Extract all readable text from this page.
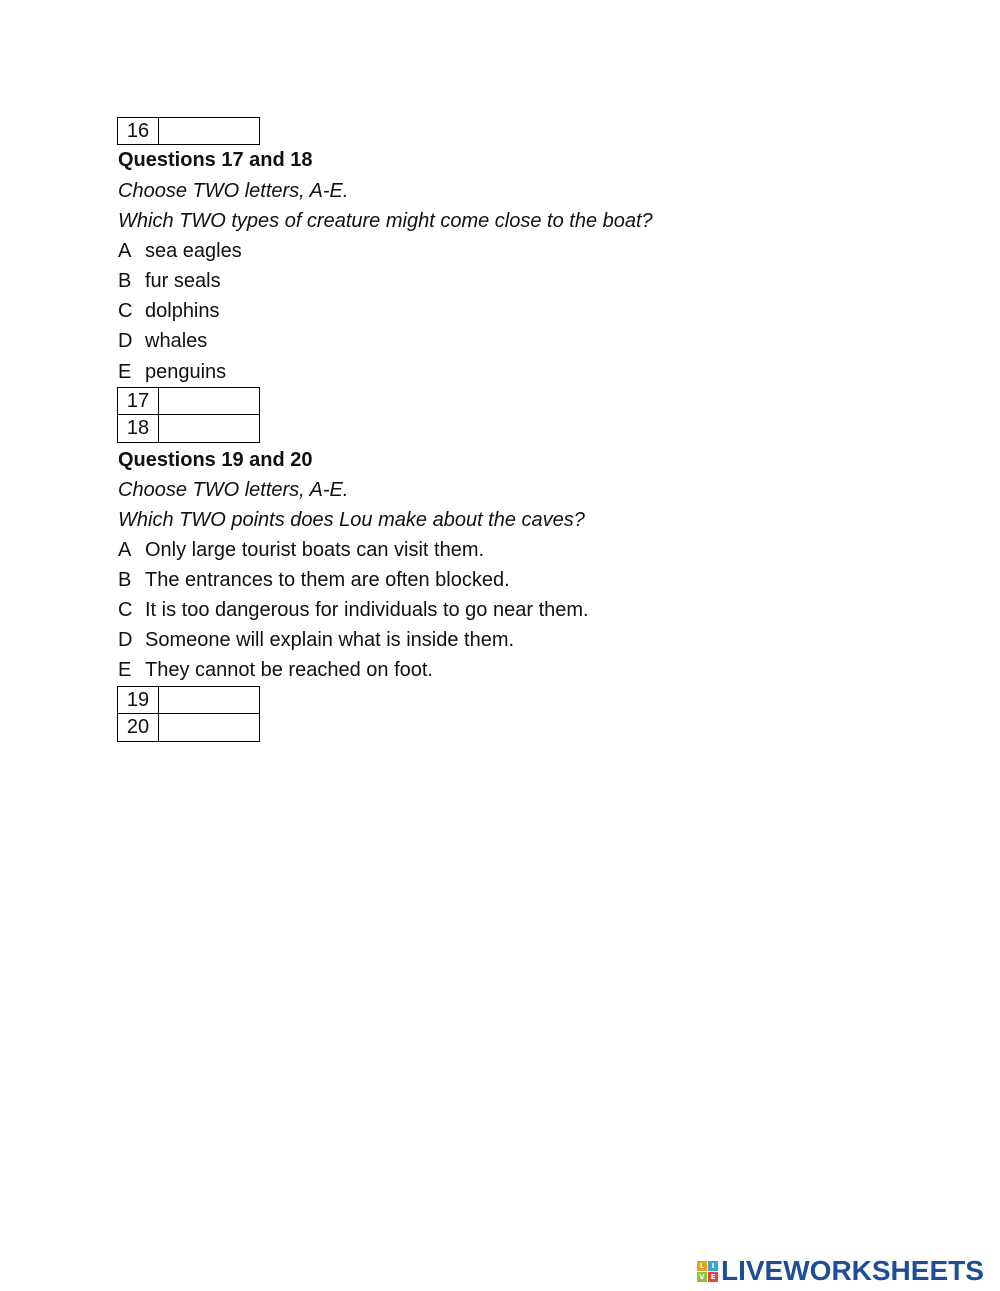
16
Questions 17 and 18
Choose TWO letters, A-E.
Which TWO types of creature might come close to the boat?
A sea eagles
B fur seals
C dolphins
D whales
E penguins
17
18
Questions 19 and 20
Choose TWO letters, A-E.
Which TWO points does Lou make about the caves?
A Only large tourist boats can visit them.
B The entrances to them are often blocked.
C It is too dangerous for individuals to go near them.
D Someone will explain what is inside them.
E They cannot be reached on foot.
19
20
L	I
V E LIVEWORKSHEETS
